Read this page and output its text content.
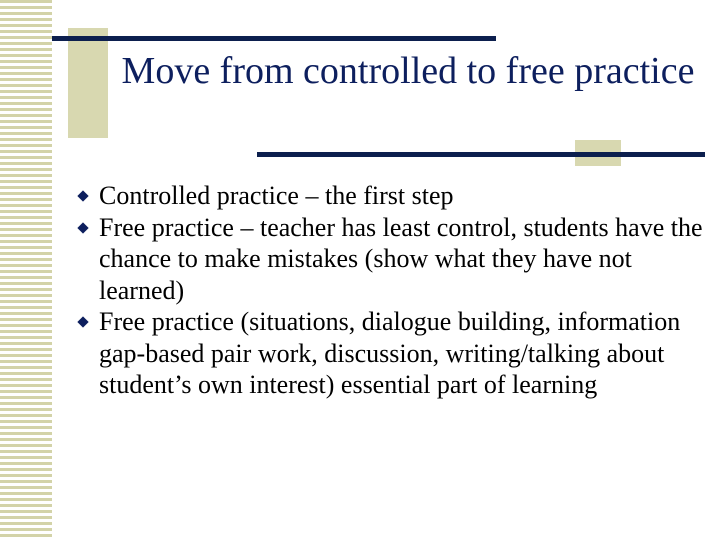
Move from controlled to free practice
Controlled practice – the first step
Free practice – teacher has least control, students have the chance to make mistakes (show what they have not learned)
Free practice (situations, dialogue building, information gap-based pair work, discussion, writing/talking about student’s own interest) essential part of learning
